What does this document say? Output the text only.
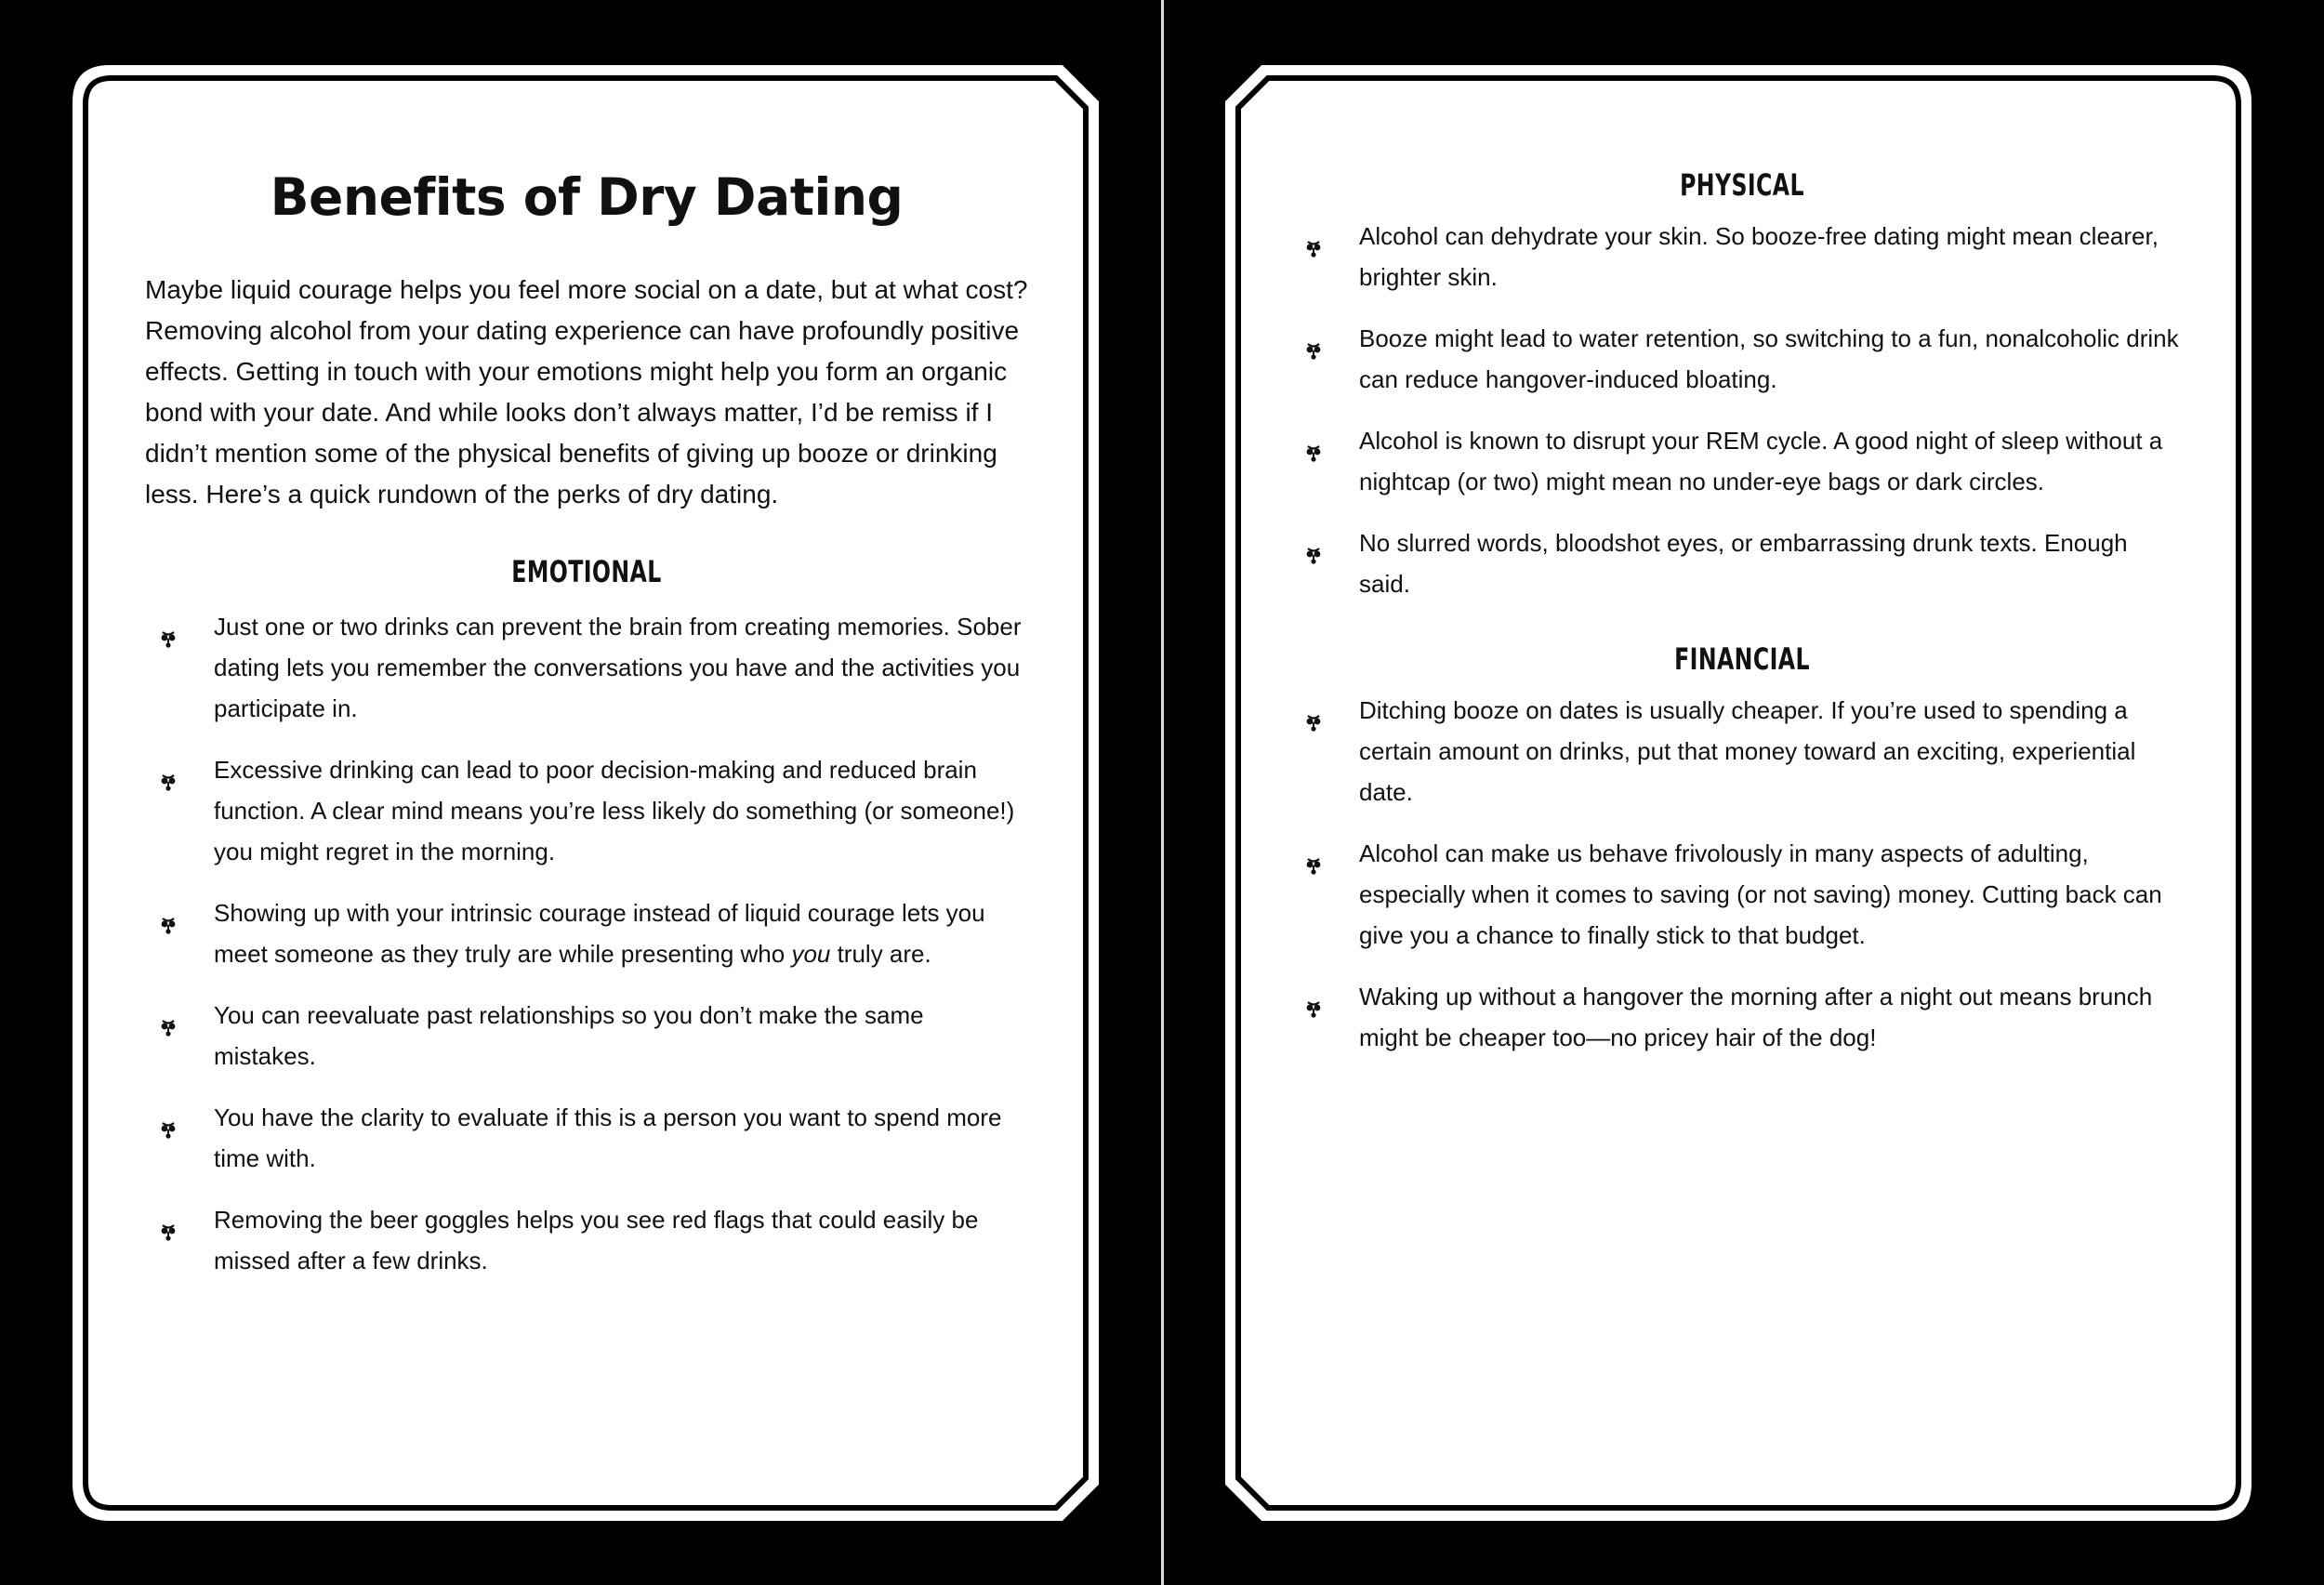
Benefits of Dry Dating

Maybe liquid courage helps you feel more social on a date, but at what cost? Removing alcohol from your dating experience can have profoundly positive effects. Getting in touch with your emotions might help you form an organic bond with your date. And while looks don’t always matter, I’d be remiss if I didn’t mention some of the physical benefits of giving up booze or drinking less. Here’s a quick rundown of the perks of dry dating.

EMOTIONAL
Just one or two drinks can prevent the brain from creating memories. Sober dating lets you remember the conversations you have and the activities you participate in.
Excessive drinking can lead to poor decision-making and reduced brain function. A clear mind means you’re less likely do something (or someone!) you might regret in the morning.
Showing up with your intrinsic courage instead of liquid courage lets you meet someone as they truly are while presenting who you truly are.
You can reevaluate past relationships so you don’t make the same mistakes.
You have the clarity to evaluate if this is a person you want to spend more time with.
Removing the beer goggles helps you see red flags that could easily be missed after a few drinks.
PHYSICAL
Alcohol can dehydrate your skin. So booze-free dating might mean clearer, brighter skin.
Booze might lead to water retention, so switching to a fun, nonalcoholic drink can reduce hangover-induced bloating.
Alcohol is known to disrupt your REM cycle. A good night of sleep without a nightcap (or two) might mean no under-eye bags or dark circles.
No slurred words, bloodshot eyes, or embarrassing drunk texts. Enough said.
FINANCIAL
Ditching booze on dates is usually cheaper. If you’re used to spending a certain amount on drinks, put that money toward an exciting, experiential date.
Alcohol can make us behave frivolously in many aspects of adulting, especially when it comes to saving (or not saving) money. Cutting back can give you a chance to finally stick to that budget.
Waking up without a hangover the morning after a night out means brunch might be cheaper too—no pricey hair of the dog!
